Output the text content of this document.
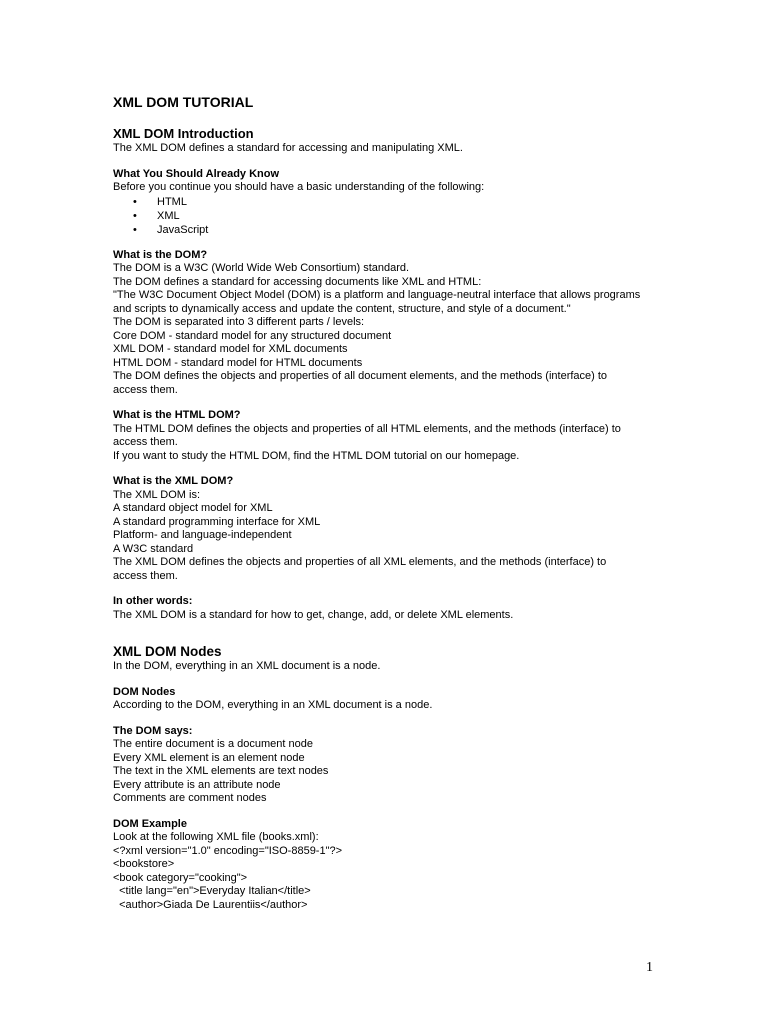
XML DOM TUTORIAL
XML DOM Introduction

The XML DOM defines a standard for accessing and manipulating XML.

What You Should Already Know

Before you continue you should have a basic understanding of the following:

• HTML
• XML
• JavaScript
What is the DOM?

The DOM is a W3C (World Wide Web Consortium) standard.

The DOM defines a standard for accessing documents like XML and HTML:

"The W3C Document Object Model (DOM) is a platform and language-neutral interface that allows programs

and scripts to dynamically access and update the content, structure, and style of a document."

The DOM is separated into 3 different parts / levels:

Core DOM - standard model for any structured document

XML DOM - standard model for XML documents

HTML DOM - standard model for HTML documents

The DOM defines the objects and properties of all document elements, and the methods (interface) to

access them.

What is the HTML DOM?

The HTML DOM defines the objects and properties of all HTML elements, and the methods (interface) to

access them.

If you want to study the HTML DOM, find the HTML DOM tutorial on our homepage.

What is the XML DOM?

The XML DOM is:

A standard object model for XML

A standard programming interface for XML

Platform- and language-independent

A W3C standard

The XML DOM defines the objects and properties of all XML elements, and the methods (interface) to

access them.

In other words:

The XML DOM is a standard for how to get, change, add, or delete XML elements.

XML DOM Nodes

In the DOM, everything in an XML document is a node.

DOM Nodes

According to the DOM, everything in an XML document is a node.

The DOM says:

The entire document is a document node

Every XML element is an element node

The text in the XML elements are text nodes

Every attribute is an attribute node

Comments are comment nodes

DOM Example

Look at the following XML file (books.xml):

<?xml version="1.0" encoding="ISO-8859-1"?>

<bookstore>

<book category="cooking">

<title lang="en">Everyday Italian</title>

<author>Giada De Laurentiis</author>

1
